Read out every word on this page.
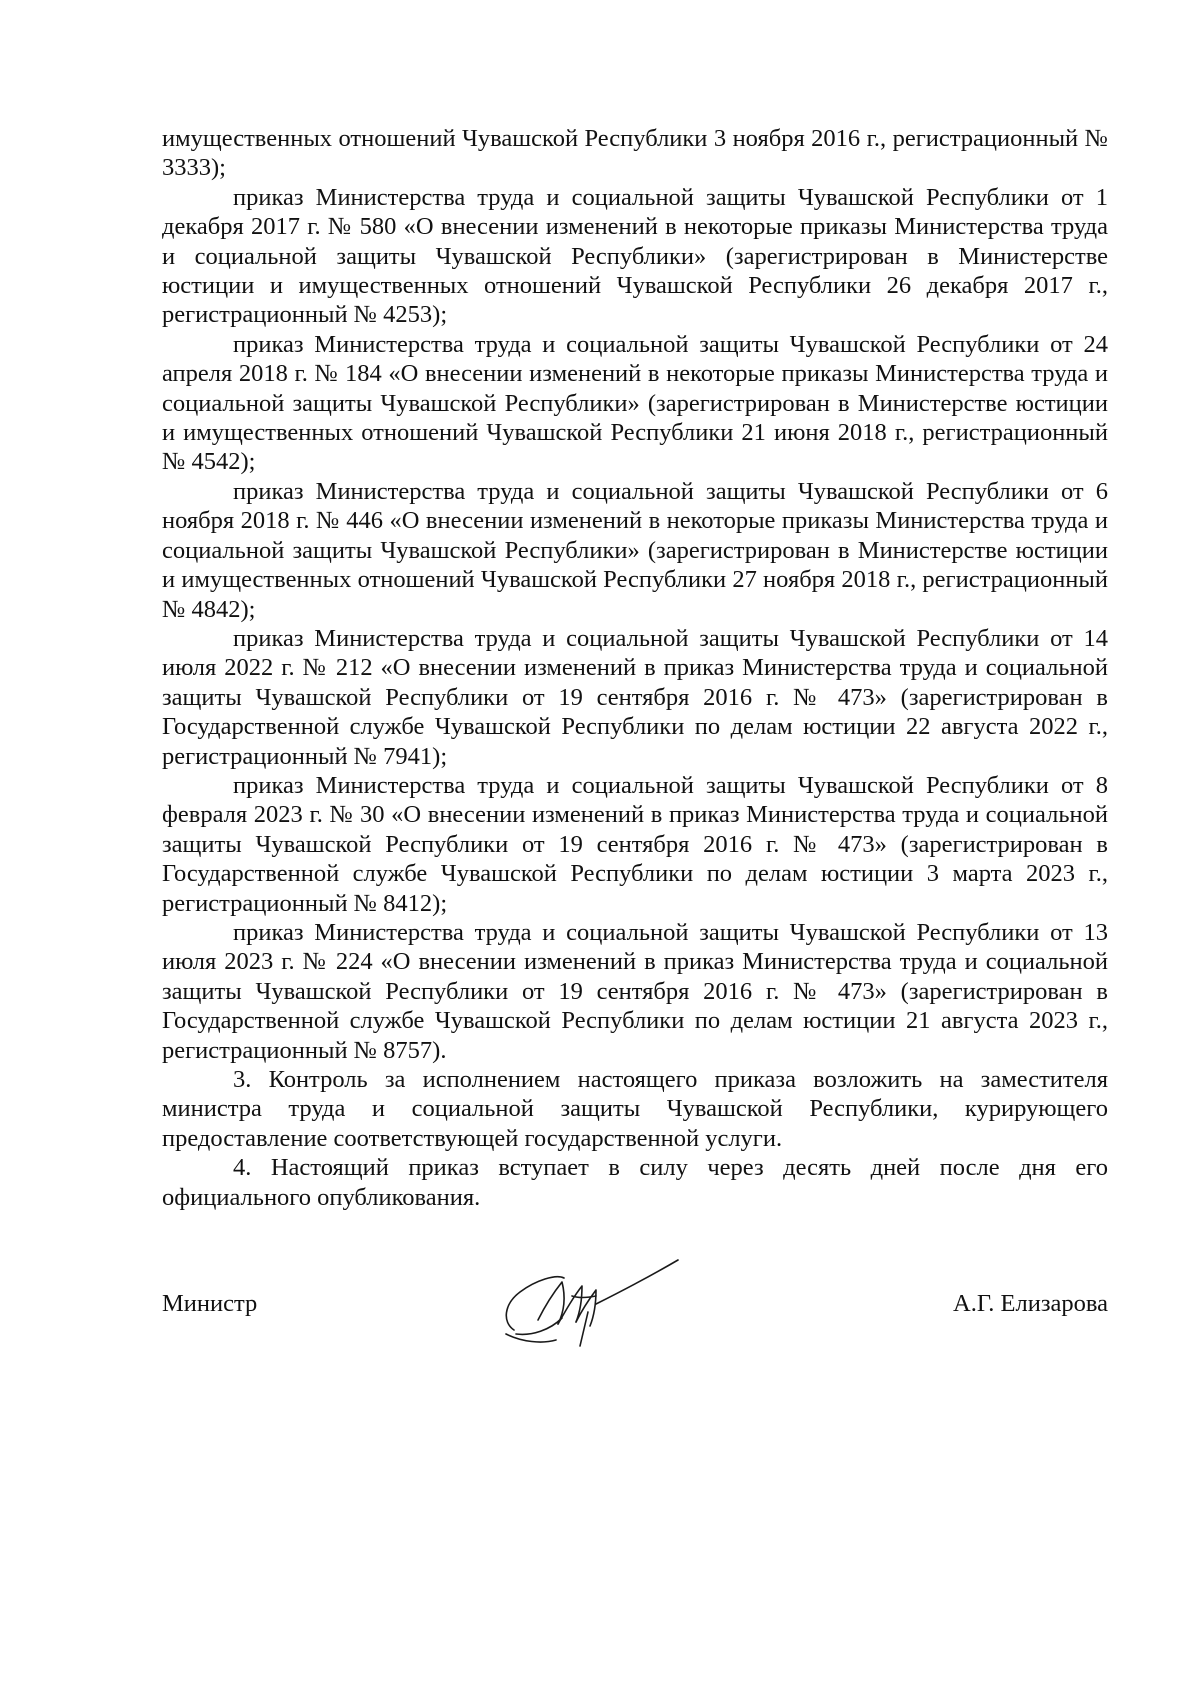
имущественных отношений Чувашской Республики 3 ноября 2016 г., регистрационный № 3333);

приказ Министерства труда и социальной защиты Чувашской Республики от 1 декабря 2017 г. № 580 «О внесении изменений в некоторые приказы Министерства труда и социальной защиты Чувашской Республики» (зарегистрирован в Министерстве юстиции и имущественных отношений Чувашской Республики 26 декабря 2017 г., регистрационный № 4253);

приказ Министерства труда и социальной защиты Чувашской Республики от 24 апреля 2018 г. № 184 «О внесении изменений в некоторые приказы Министерства труда и социальной защиты Чувашской Республики» (зарегистрирован в Министерстве юстиции и имущественных отношений Чувашской Республики 21 июня 2018 г., регистрационный № 4542);

приказ Министерства труда и социальной защиты Чувашской Республики от 6 ноября 2018 г. № 446 «О внесении изменений в некоторые приказы Министерства труда и социальной защиты Чувашской Республики» (зарегистрирован в Министерстве юстиции и имущественных отношений Чувашской Республики 27 ноября 2018 г., регистрационный № 4842);

приказ Министерства труда и социальной защиты Чувашской Республики от 14 июля 2022 г. № 212 «О внесении изменений в приказ Министерства труда и социальной защиты Чувашской Республики от 19 сентября 2016 г. № 473» (зарегистрирован в Государственной службе Чувашской Республики по делам юстиции 22 августа 2022 г., регистрационный № 7941);

приказ Министерства труда и социальной защиты Чувашской Республики от 8 февраля 2023 г. № 30 «О внесении изменений в приказ Министерства труда и социальной защиты Чувашской Республики от 19 сентября 2016 г. № 473» (зарегистрирован в Государственной службе Чувашской Республики по делам юстиции 3 марта 2023 г., регистрационный № 8412);

приказ Министерства труда и социальной защиты Чувашской Республики от 13 июля 2023 г. № 224 «О внесении изменений в приказ Министерства труда и социальной защиты Чувашской Республики от 19 сентября 2016 г. № 473» (зарегистрирован в Государственной службе Чувашской Республики по делам юстиции 21 августа 2023 г., регистрационный № 8757).

3. Контроль за исполнением настоящего приказа возложить на заместителя министра труда и социальной защиты Чувашской Республики, курирующего предоставление соответствующей государственной услуги.

4. Настоящий приказ вступает в силу через десять дней после дня его официального опубликования.

Министр	А.Г. Елизарова
